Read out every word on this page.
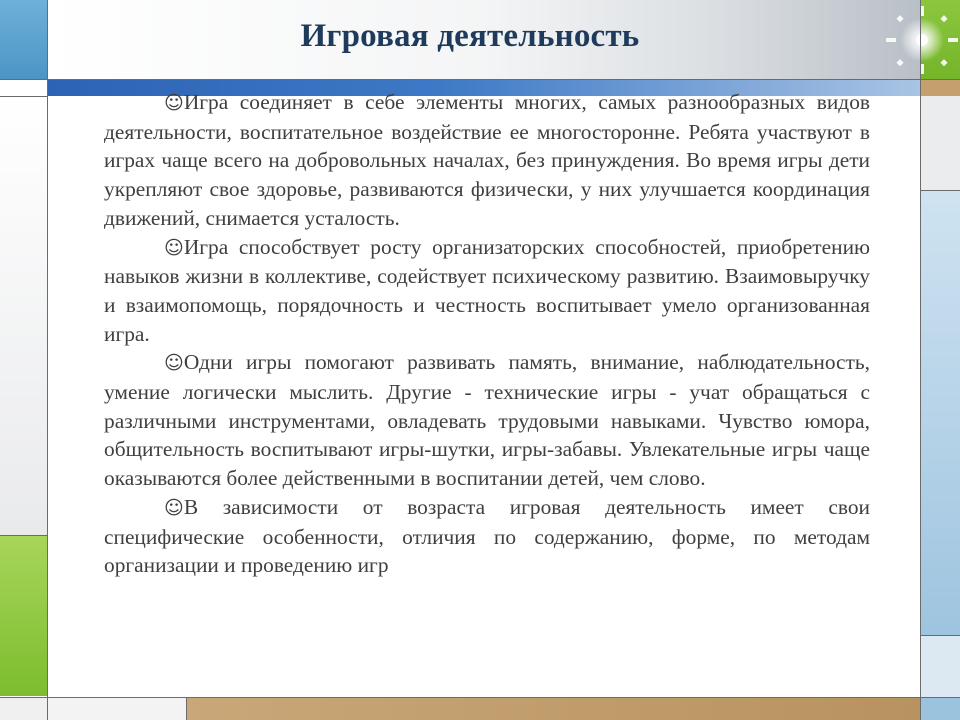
Игровая деятельность

☺Игра соединяет в себе элементы многих, самых разнообразных видов деятельности, воспитательное воздействие ее многосторонне. Ребята участвуют в играх чаще всего на добровольных началах, без принуждения. Во время игры дети укрепляют свое здоровье, развиваются физически, у них улучшается координация движений, снимается усталость.

☺Игра способствует росту организаторских способностей, приобретению навыков жизни в коллективе, содействует психическому развитию. Взаимовыручку и взаимопомощь, порядочность и честность воспитывает умело организованная игра.

☺Одни игры помогают развивать память, внимание, наблюдательность, умение логически мыслить. Другие - технические игры - учат обращаться с различными инструментами, овладевать трудовыми навыками. Чувство юмора, общительность воспитывают игры-шутки, игры-забавы. Увлекательные игры чаще оказываются более действенными в воспитании детей, чем слово.

☺В зависимости от возраста игровая деятельность имеет свои специфические особенности, отличия по содержанию, форме, по методам организации и проведению игр
